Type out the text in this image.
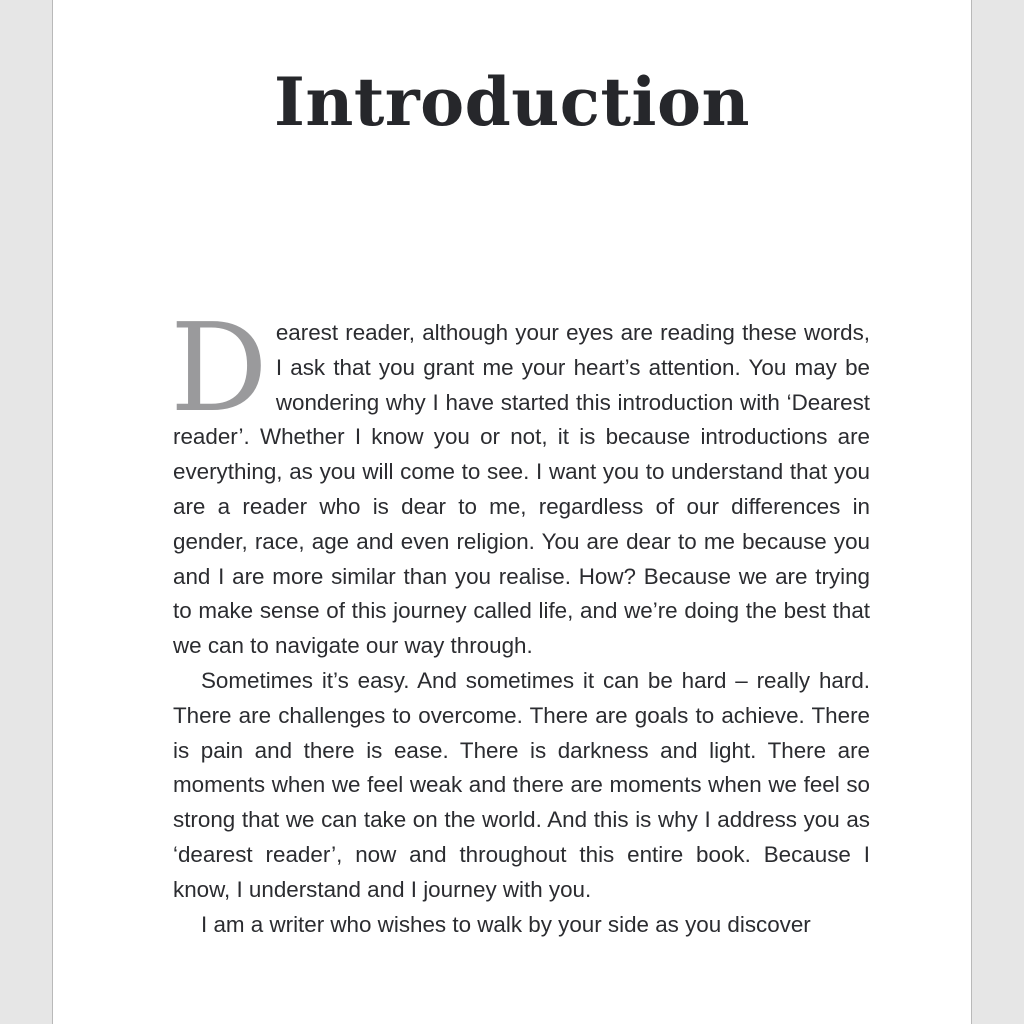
Introduction

Dearest reader, although your eyes are reading these words, I ask that you grant me your heart’s attention. You may be wondering why I have started this introduction with ‘Dearest reader’. Whether I know you or not, it is because introductions are everything, as you will come to see. I want you to understand that you are a reader who is dear to me, regardless of our differences in gender, race, age and even religion. You are dear to me because you and I are more similar than you realise. How? Because we are trying to make sense of this journey called life, and we’re doing the best that we can to navigate our way through.

Sometimes it’s easy. And sometimes it can be hard – really hard. There are challenges to overcome. There are goals to achieve. There is pain and there is ease. There is darkness and light. There are moments when we feel weak and there are moments when we feel so strong that we can take on the world. And this is why I address you as ‘dearest reader’, now and throughout this entire book. Because I know, I understand and I journey with you.

I am a writer who wishes to walk by your side as you discover
